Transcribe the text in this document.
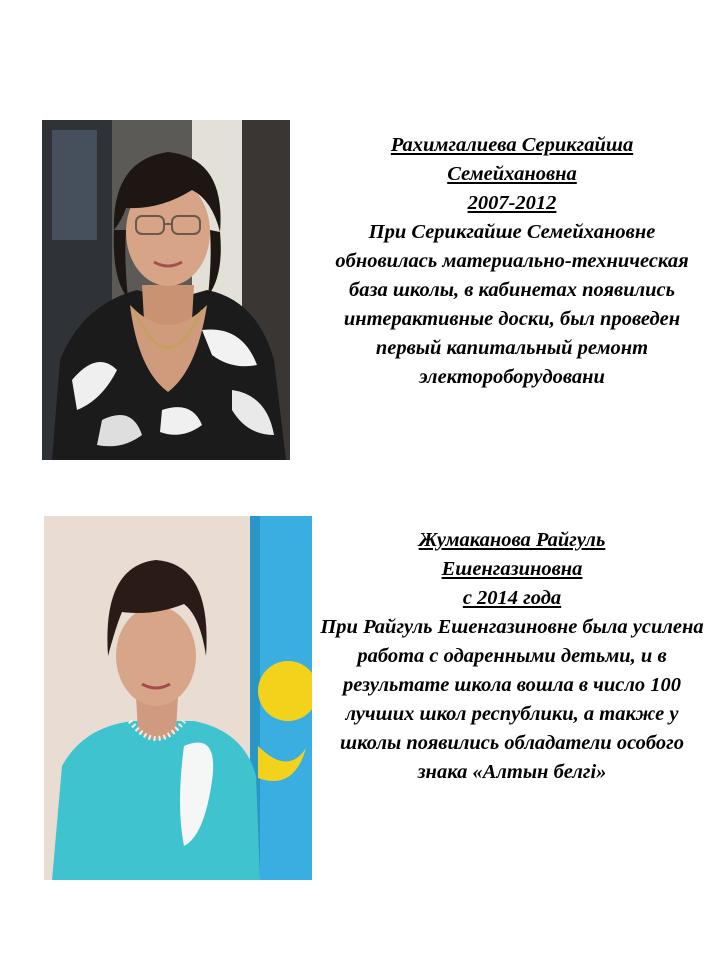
Рахимгалиева Серикгайша
Семейхановна
2007-2012
При Серикгайше Семейхановне обновилась материально-техническая база школы, в кабинетах появились интерактивные доски, был проведен первый капитальный ремонт электороборудовани
Жумаканова Райгуль
Ешенгазиновна
с 2014 года
При Райгуль Ешенгазиновне была усилена работа с одаренными детьми, и в результате школа вошла в число 100 лучших школ республики, а также у школы появились обладатели особого знака «Алтын белгі»
